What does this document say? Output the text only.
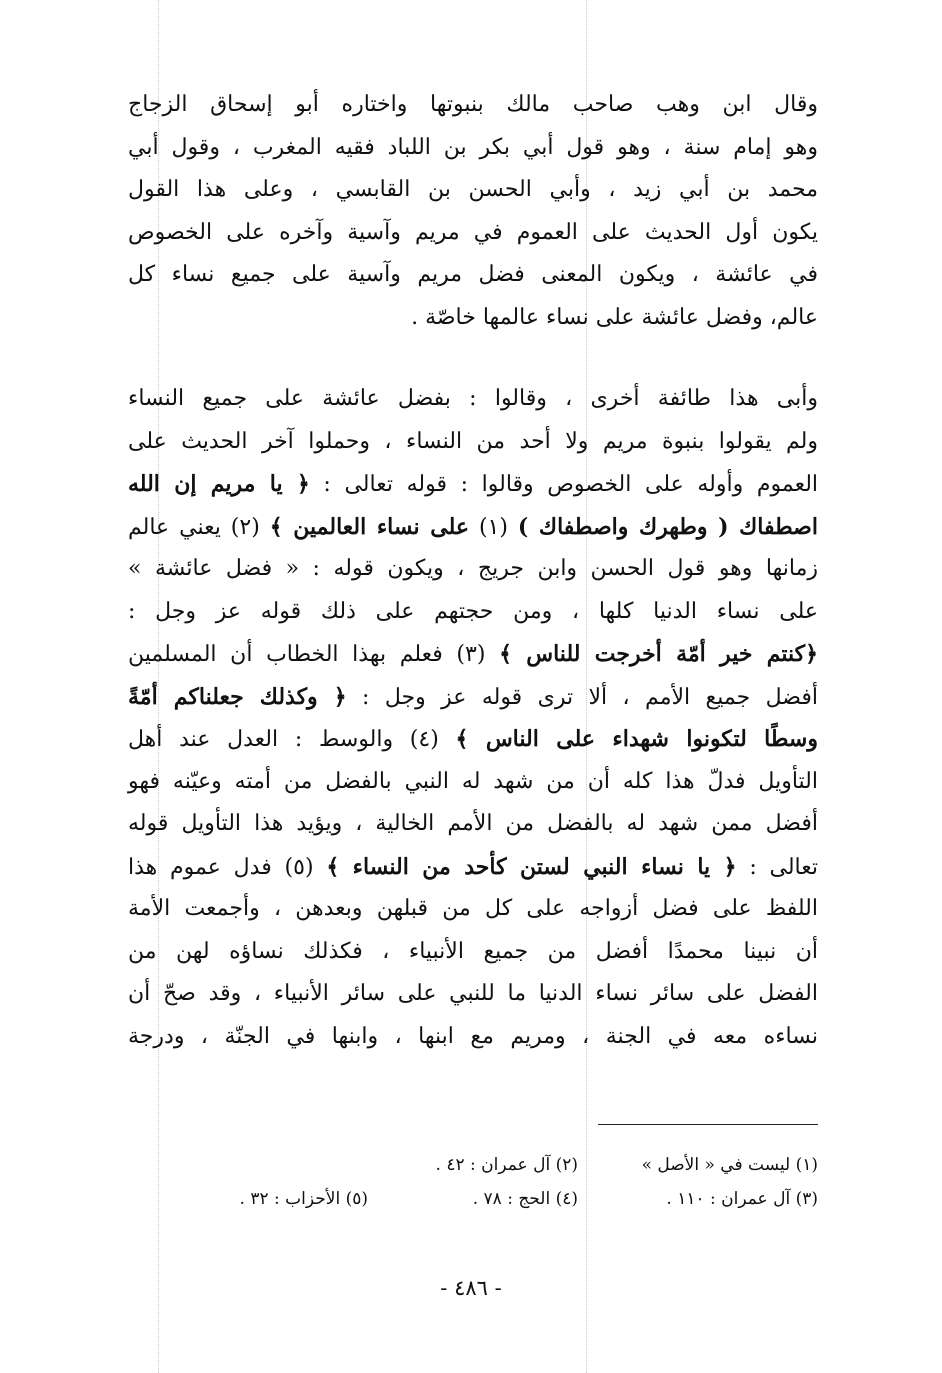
وقال ابن وهب صاحب مالك بنبوتها واختاره أبو إسحاق الزجاج
وهو إمام سنة ، وهو قول أبي بكر بن اللباد فقيه المغرب ، وقول أبي
محمد بن أبي زيد ، وأبي الحسن بن القابسي ، وعلى هذا القول
يكون أول الحديث على العموم في مريم وآسية وآخره على الخصوص
في عائشة ، ويكون المعنى فضل مريم وآسية على جميع نساء كل
عالم، وفضل عائشة على نساء عالمها خاصّة .
وأبى هذا طائفة أخرى ، وقالوا : بفضل عائشة على جميع النساء
ولم يقولوا بنبوة مريم ولا أحد من النساء ، وحملوا آخر الحديث على
العموم وأوله على الخصوص وقالوا : قوله تعالى : ﴿ يا مريم إن الله
اصطفاك ( وطهرك واصطفاك ) (١) على نساء العالمين ﴾ (٢) يعني عالم
زمانها وهو قول الحسن وابن جريج ، ويكون قوله : « فضل عائشة »
على نساء الدنيا كلها ، ومن حجتهم على ذلك قوله عز وجل :
﴿كنتم خير أمّة أخرجت للناس ﴾ (٣) فعلم بهذا الخطاب أن المسلمين
أفضل جميع الأمم ، ألا ترى قوله عز وجل : ﴿ وكذلك جعلناكم أمّةً
وسطًا لتكونوا شهداء على الناس ﴾ (٤) والوسط : العدل عند أهل
التأويل فدلّ هذا كله أن من شهد له النبي بالفضل من أمته وعيّنه فهو
أفضل ممن شهد له بالفضل من الأمم الخالية ، ويؤيد هذا التأويل قوله
تعالى : ﴿ يا نساء النبي لستن كأحد من النساء ﴾ (٥) فدل عموم هذا
اللفظ على فضل أزواجه على كل من قبلهن وبعدهن ، وأجمعت الأمة
أن نبينا محمدًا أفضل من جميع الأنبياء ، فكذلك نساؤه لهن من
الفضل على سائر نساء الدنيا ما للنبي على سائر الأنبياء ، وقد صحّ أن
نساءه معه في الجنة ، ومريم مع ابنها ، وابنها في الجنّة ، ودرجة
(١) ليست في « الأصل »
(٢) آل عمران : ٤٢ .
(٣) آل عمران : ١١٠ .
(٤) الحج : ٧٨ .
(٥) الأحزاب : ٣٢ .
- ٤٨٦ -
